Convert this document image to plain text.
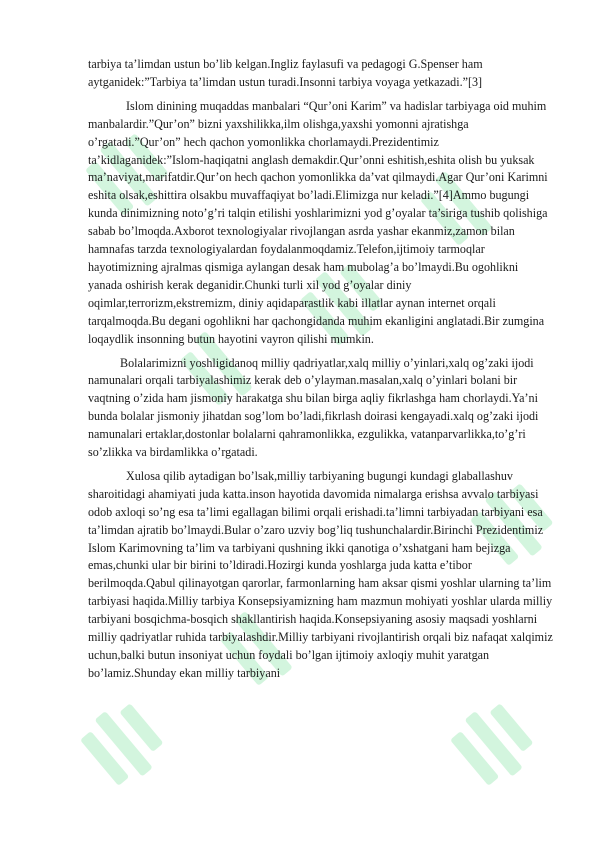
tarbiya ta’limdan ustun bo’lib kelgan.Ingliz faylasufi va pedagogi G.Spenser ham aytganidek:”Tarbiya ta’limdan ustun turadi.Insonni tarbiya voyaga yetkazadi.”[3]

Islom dinining muqaddas manbalari “Qur’oni Karim” va hadislar tarbiyaga oid muhim manbalardir.”Qur’on” bizni yaxshilikka,ilm olishga,yaxshi yomonni ajratishga o’rgatadi.”Qur’on” hech qachon yomonlikka chorlamaydi.Prezidentimiz ta’kidlaganidek:”Islom-haqiqatni anglash demakdir.Qur’onni eshitish,eshita olish bu yuksak ma’naviyat,marifatdir.Qur’on hech qachon yomonlikka da’vat qilmaydi.Agar Qur’oni Karimni eshita olsak,eshittira olsakbu muvaffaqiyat bo’ladi.Elimizga nur keladi.”[4]Ammo bugungi kunda dinimizning noto’g’ri talqin etilishi yoshlarimizni yod g’oyalar ta’siriga tushib qolishiga sabab bo’lmoqda.Axborot texnologiyalar rivojlangan asrda yashar ekanmiz,zamon bilan hamnafas tarzda texnologiyalardan foydalanmoqdamiz.Telefon,ijtimoiy tarmoqlar hayotimizning ajralmas qismiga aylangan desak ham mubolag’a bo’lmaydi.Bu ogohlikni yanada oshirish kerak deganidir.Chunki turli xil yod g’oyalar diniy oqimlar,terrorizm,ekstremizm, diniy aqidaparastlik kabi illatlar aynan internet orqali tarqalmoqda.Bu degani ogohlikni har qachongidanda muhim ekanligini anglatadi.Bir zumgina loqaydlik insonning butun hayotini vayron qilishi mumkin.

Bolalarimizni yoshligidanoq milliy qadriyatlar,xalq milliy o’yinlari,xalq og’zaki ijodi namunalari orqali tarbiyalashimiz kerak deb o’ylayman.masalan,xalq o’yinlari bolani bir vaqtning o’zida ham jismoniy harakatga shu bilan birga aqliy fikrlashga ham chorlaydi.Ya’ni bunda bolalar jismoniy jihatdan sog’lom bo’ladi,fikrlash doirasi kengayadi.xalq og’zaki ijodi namunalari ertaklar,dostonlar bolalarni qahramonlikka, ezgulikka, vatanparvarlikka,to’g’ri so’zlikka va birdamlikka o’rgatadi.

Xulosa qilib aytadigan bo’lsak,milliy tarbiyaning bugungi kundagi glaballashuv sharoitidagi ahamiyati juda katta.inson hayotida davomida nimalarga erishsa avvalo tarbiyasi odob axloqi so’ng esa ta’limi egallagan bilimi orqali erishadi.ta’limni tarbiyadan tarbiyani esa ta’limdan ajratib bo’lmaydi.Bular o’zaro uzviy bog’liq tushunchalardir.Birinchi Prezidentimiz Islom Karimovning ta’lim va tarbiyani qushning ikki qanotiga o’xshatgani ham bejizga emas,chunki ular bir birini to’ldiradi.Hozirgi kunda yoshlarga juda katta e’tibor berilmoqda.Qabul qilinayotgan qarorlar, farmonlarning ham aksar qismi yoshlar ularning ta’lim tarbiyasi haqida.Milliy tarbiya Konsepsiyamizning ham mazmun mohiyati yoshlar ularda milliy tarbiyani bosqichma-bosqich shakllantirish haqida.Konsepsiyaning asosiy maqsadi yoshlarni milliy qadriyatlar ruhida tarbiyalashdir.Milliy tarbiyani rivojlantirish orqali biz nafaqat xalqimiz uchun,balki butun insoniyat uchun foydali bo’lgan ijtimoiy axloqiy muhit yaratgan bo’lamiz.Shunday ekan milliy tarbiyani
